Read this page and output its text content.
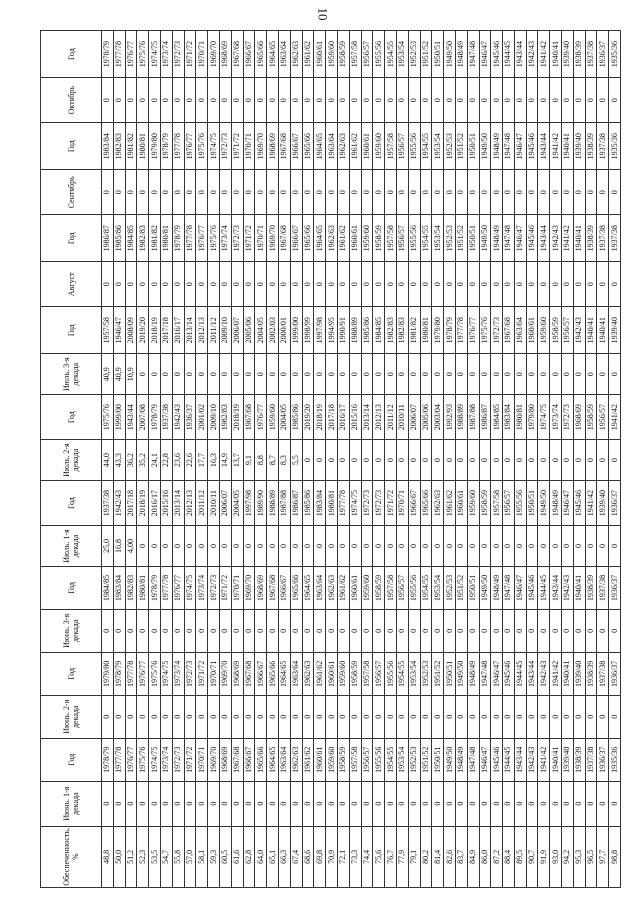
10
Обеспеченность, %	Июнь. 1-я декада	Год	Июнь. 2-я декада	Год	Июнь. 3-я декада	Год	Июль. 1-я декада	Год	Июль. 2-я декада	Год	Июль. 3-я декада	Год	Август	Год	Сентябрь	Год	Октябрь	Год
48,8	0	1978/79	0	1979/80	0	1984/85	25,0	1937/38	44,0	1975/76	40,9	1957/58	0	1986/87	0	1983/84	0	1978/79
50,0	0	1977/78	0	1978/79	0	1983/84	16,8	1942/43	43,3	1999/00	40,9	1946/47	0	1985/86	0	1982/83	0	1977/78
51,2	0	1976/77	0	1977/78	0	1982/83	4,00	2017/18	36,2	1943/44	10,9	2008/09	0	1984/85	0	1981/82	0	1976/77
52,3	0	1975/76	0	1976/77	0	1980/81	0	2018/19	35,2	2007/08	0	2019/20	0	1982/83	0	1980/81	0	1975/76
53,5	0	1974/75	0	1975/76	0	1978/79	0	2016/17	24,1	1978/79	0	2018/19	0	1981/82	0	1979/80	0	1974/75
54,7	0	1973/74	0	1974/75	0	1977/78	0	2015/16	22,8	1937/38	0	2017/18	0	1980/81	0	1978/79	0	1973/74
55,8	0	1972/73	0	1973/74	0	1976/77	0	2013/14	23,6	1942/43	0	2016/17	0	1978/79	0	1977/78	0	1972/73
57,0	0	1971/72	0	1972/73	0	1974/75	0	2012/13	22,6	1936/37	0	2013/14	0	1977/78	0	1976/77	0	1971/72
58,1	0	1970/71	0	1971/72	0	1973/74	0	2011/12	17,7	2001/02	0	2012/13	0	1976/77	0	1975/76	0	1970/71
59,3	0	1969/70	0	1970/71	0	1972/73	0	2010/11	16,3	2009/10	0	2011/12	0	1975/76	0	1974/75	0	1969/70
60,5	0	1968/69	0	1969/70	0	1971/72	0	2006/07	14,9	1982/83	0	2009/10	0	1973/74	0	1972/73	0	1968/69
61,6	0	1967/68	0	1968/69	0	1970/71	0	2004/05	13,7	2018/19	0	2006/07	0	1972/73	0	1971/72	0	1967/68
62,8	0	1966/67	0	1967/68	0	1969/70	0	1997/98	9,1	1967/68	0	2005/06	0	1971/72	0	1970/71	0	1966/67
64,0	0	1965/66	0	1966/67	0	1968/69	0	1989/90	8,8	1976/77	0	2004/05	0	1970/71	0	1969/70	0	1965/66
65,1	0	1964/65	0	1965/66	0	1967/68	0	1988/89	8,7	1959/60	0	2002/03	0	1969/70	0	1968/69	0	1964/65
66,3	0	1963/64	0	1964/65	0	1966/67	0	1987/88	8,3	2004/05	0	2000/01	0	1967/68	0	1967/68	0	1963/64
67,4	0	1962/63	0	1963/64	0	1965/66	0	1986/87	5,5	1985/86	0	1999/00	0	1966/67	0	1966/67	0	1962/63
68,6	0	1961/62	0	1962/63	0	1964/65	0	1985/86	0	2019/20	0	1998/99	0	1965/66	0	1965/66	0	1961/62
69,8	0	1960/61	0	1961/62	0	1963/64	0	1983/84	0	2018/19	0	1997/98	0	1964/65	0	1964/65	0	1960/61
70,9	0	1959/60	0	1960/61	0	1962/63	0	1980/81	0	2017/18	0	1994/95	0	1962/63	0	1963/64	0	1959/60
72,1	0	1958/59	0	1959/60	0	1961/62	0	1977/78	0	2016/17	0	1990/91	0	1961/62	0	1962/63	0	1958/59
73,3	0	1957/58	0	1958/59	0	1960/61	0	1974/75	0	2015/16	0	1988/89	0	1960/61	0	1961/62	0	1957/58
74,4	0	1956/57	0	1957/58	0	1959/60	0	1972/73	0	2013/14	0	1985/86	0	1959/60	0	1960/61	0	1956/57
75,6	0	1955/56	0	1956/57	0	1958/59	0	1972/73	0	2012/13	0	1984/85	0	1958/59	0	1959/60	0	1955/56
76,7	0	1954/55	0	1955/56	0	1957/58	0	1971/72	0	2011/12	0	1982/83	0	1957/58	0	1957/58	0	1954/55
77,9	0	1953/54	0	1954/55	0	1956/57	0	1970/71	0	2010/11	0	1982/83	0	1956/57	0	1956/57	0	1953/54
79,1	0	1952/53	0	1953/54	0	1955/56	0	1966/67	0	2006/07	0	1981/82	0	1955/56	0	1955/56	0	1952/53
80,2	0	1951/52	0	1952/53	0	1954/55	0	1965/66	0	2005/06	0	1980/81	0	1954/55	0	1954/55	0	1951/52
81,4	0	1950/51	0	1951/52	0	1953/54	0	1962/63	0	2003/04	0	1979/80	0	1953/54	0	1953/54	0	1950/51
82,6	0	1949/50	0	1950/51	0	1952/53	0	1961/62	0	1992/93	0	1978/79	0	1952/53	0	1952/53	0	1949/50
83,7	0	1948/49	0	1949/50	0	1951/52	0	1960/61	0	1988/89	0	1977/78	0	1951/52	0	1951/52	0	1948/49
84,9	0	1947/48	0	1948/49	0	1950/51	0	1959/60	0	1987/88	0	1976/77	0	1950/51	0	1950/51	0	1947/48
86,0	0	1946/47	0	1947/48	0	1949/50	0	1958/59	0	1986/87	0	1975/76	0	1949/50	0	1949/50	0	1946/47
87,2	0	1945/46	0	1946/47	0	1948/49	0	1957/58	0	1984/85	0	1972/73	0	1948/49	0	1948/49	0	1945/46
88,4	0	1944/45	0	1945/46	0	1947/48	0	1956/57	0	1983/84	0	1967/68	0	1947/48	0	1947/48	0	1944/45
89,5	0	1943/44	0	1944/45	0	1946/47	0	1955/56	0	1980/81	0	1963/64	0	1946/47	0	1946/47	0	1943/44
90,7	0	1942/43	0	1943/44	0	1945/46	0	1950/51	0	1979/80	0	1960/61	0	1945/46	0	1945/46	0	1942/43
91,9	0	1941/42	0	1942/43	0	1944/45	0	1949/50	0	1974/75	0	1959/60	0	1943/44	0	1943/44	0	1941/42
93,0	0	1940/41	0	1941/42	0	1943/44	0	1948/49	0	1973/74	0	1958/59	0	1942/43	0	1941/42	0	1940/41
94,2	0	1939/40	0	1940/41	0	1942/43	0	1946/47	0	1972/73	0	1956/57	0	1941/42	0	1940/41	0	1939/40
95,3	0	1938/39	0	1939/40	0	1940/41	0	1945/46	0	1968/69	0	1942/43	0	1940/41	0	1939/40	0	1938/39
96,5	0	1937/38	0	1938/39	0	1938/39	0	1941/42	0	1958/59	0	1940/41	0	1938/39	0	1938/39	0	1937/38
97,7	0	1936/37	0	1937/38	0	1937/38	0	1939/40	0	1956/57	0	1940/41	0	1937/38	0	1937/38	0	1936/37
98,8	0	1935/36	0	1936/37	0	1936/37	0	1936/37	0	1941/42	0	1939/40	0	1937/38	0	1935/36	0	1935/36
